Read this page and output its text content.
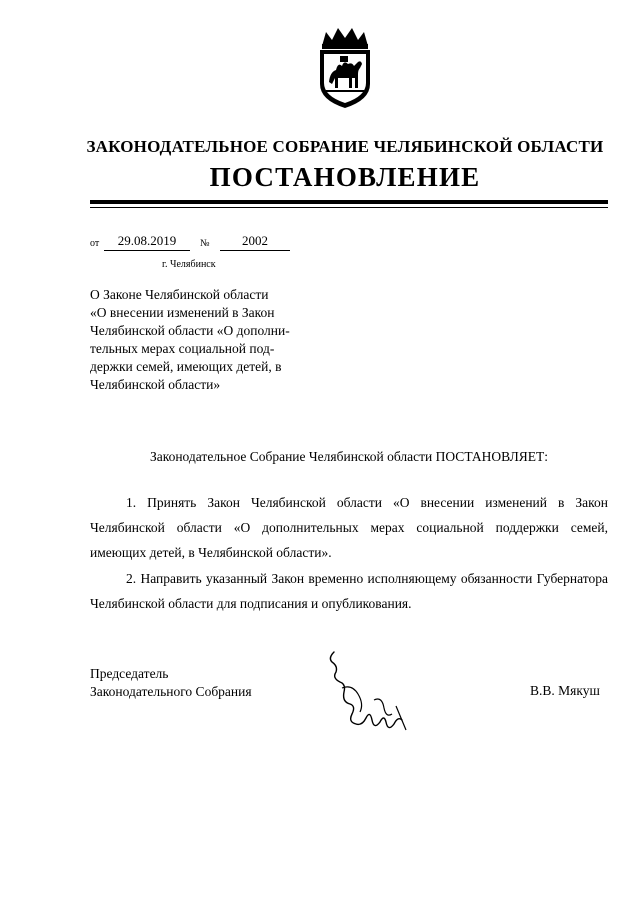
ЗАКОНОДАТЕЛЬНОЕ СОБРАНИЕ ЧЕЛЯБИНСКОЙ ОБЛАСТИ
ПОСТАНОВЛЕНИЕ
от	29.08.2019	№	2002
г. Челябинск
О Законе Челябинской области
«О внесении изменений в Закон
Челябинской области «О дополни-
тельных мерах социальной под-
держки семей, имеющих детей, в
Челябинской области»
Законодательное Собрание Челябинской области ПОСТАНОВЛЯЕТ:
1. Принять Закон Челябинской области «О внесении изменений в Закон Челябинской области «О дополнительных мерах социальной поддержки семей, имеющих детей, в Челябинской области».
2. Направить указанный Закон временно исполняющему обязанности Губернатора Челябинской области для подписания и опубликования.
Председатель
Законодательного Собрания	В.В. Мякуш
